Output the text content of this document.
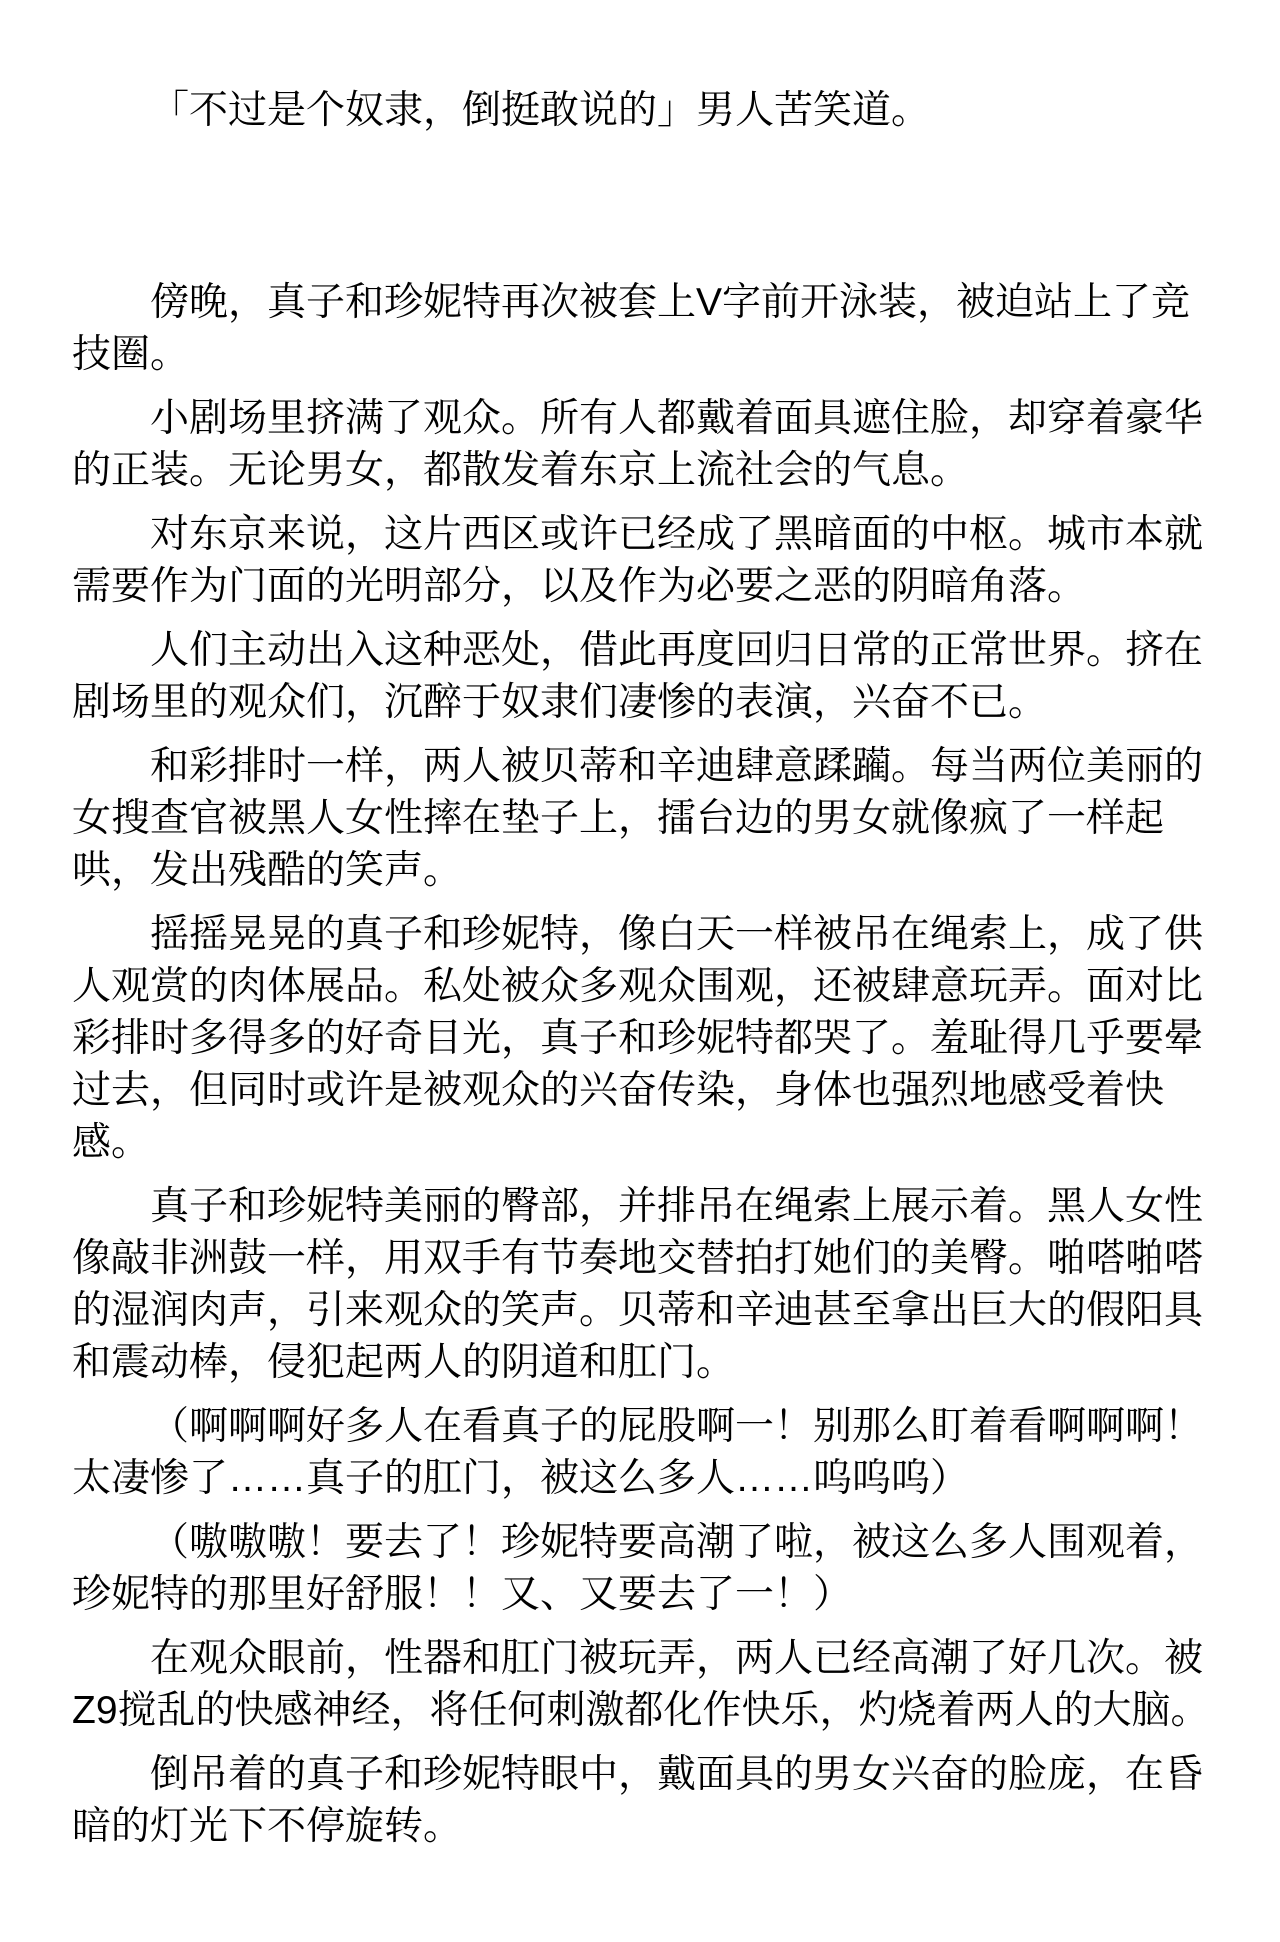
「不过是个奴隶，倒挺敢说的」男人苦笑道。

傍晚，真子和珍妮特再次被套上V字前开泳装，被迫站上了竞技圈。

小剧场里挤满了观众。所有人都戴着面具遮住脸，却穿着豪华的正装。无论男女，都散发着东京上流社会的气息。

对东京来说，这片西区或许已经成了黑暗面的中枢。城市本就需要作为门面的光明部分，以及作为必要之恶的阴暗角落。

人们主动出入这种恶处，借此再度回归日常的正常世界。挤在剧场里的观众们，沉醉于奴隶们凄惨的表演，兴奋不已。

和彩排时一样，两人被贝蒂和辛迪肆意蹂躏。每当两位美丽的女搜查官被黑人女性摔在垫子上，擂台边的男女就像疯了一样起哄，发出残酷的笑声。

摇摇晃晃的真子和珍妮特，像白天一样被吊在绳索上，成了供人观赏的肉体展品。私处被众多观众围观，还被肆意玩弄。面对比彩排时多得多的好奇目光，真子和珍妮特都哭了。羞耻得几乎要晕过去，但同时或许是被观众的兴奋传染，身体也强烈地感受着快感。

真子和珍妮特美丽的臀部，并排吊在绳索上展示着。黑人女性像敲非洲鼓一样，用双手有节奏地交替拍打她们的美臀。啪嗒啪嗒的湿润肉声，引来观众的笑声。贝蒂和辛迪甚至拿出巨大的假阳具和震动棒，侵犯起两人的阴道和肛门。

（啊啊啊好多人在看真子的屁股啊一！别那么盯着看啊啊啊！太凄惨了……真子的肛门，被这么多人……呜呜呜）

（嗷嗷嗷！要去了！珍妮特要高潮了啦，被这么多人围观着，珍妮特的那里好舒服！！又、又要去了一！）

在观众眼前，性器和肛门被玩弄，两人已经高潮了好几次。被Z9搅乱的快感神经，将任何刺激都化作快乐，灼烧着两人的大脑。

倒吊着的真子和珍妮特眼中，戴面具的男女兴奋的脸庞，在昏暗的灯光下不停旋转。
